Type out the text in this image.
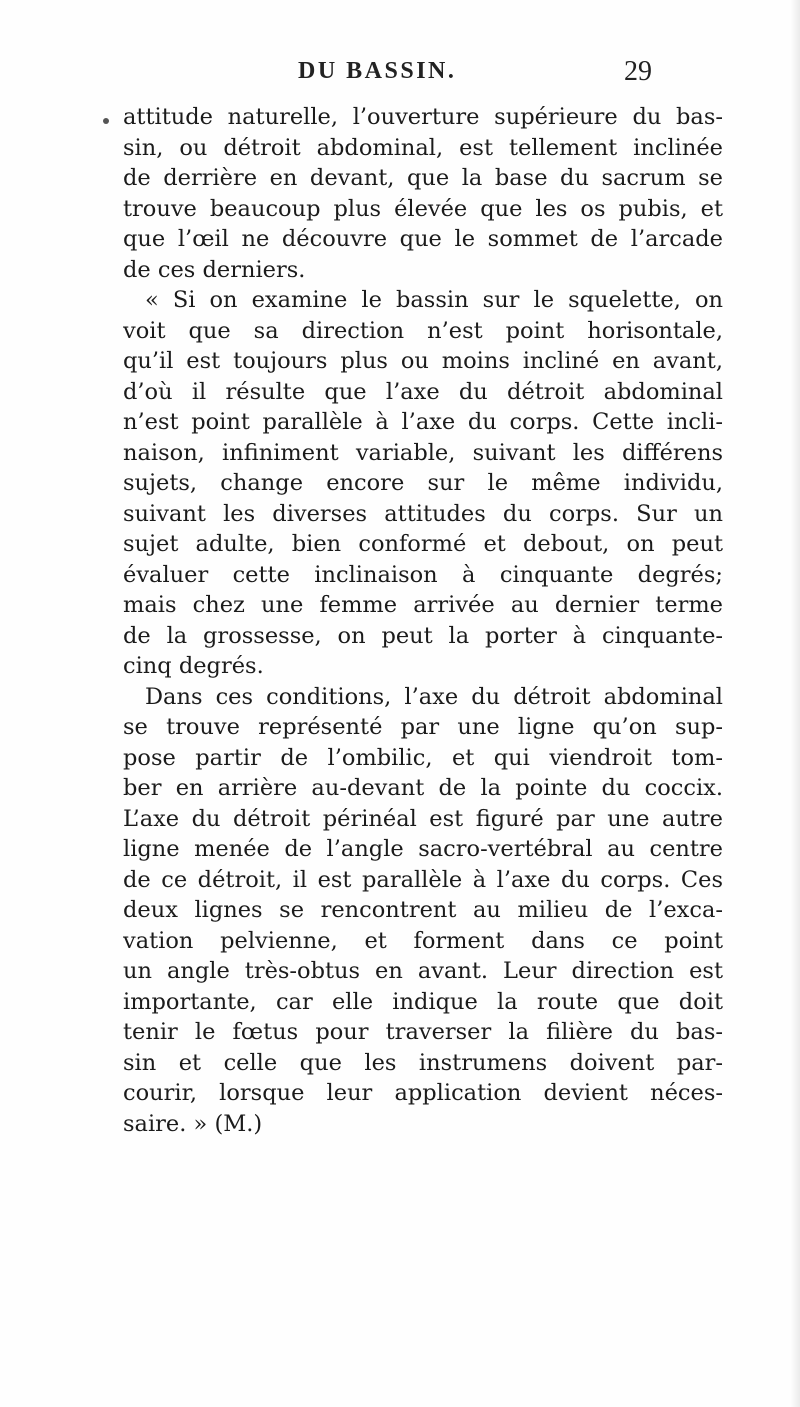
DU BASSIN.	29
attitude naturelle, l’ouverture supérieure du bas-
sin, ou détroit abdominal, est tellement inclinée
de derrière en devant, que la base du sacrum se
trouve beaucoup plus élevée que les os pubis, et
que l’œil ne découvre que le sommet de l’arcade
de ces derniers.
« Si on examine le bassin sur le squelette, on
voit que sa direction n’est point horisontale,
qu’il est toujours plus ou moins incliné en avant,
d’où il résulte que l’axe du détroit abdominal
n’est point parallèle à l’axe du corps. Cette incli-
naison, infiniment variable, suivant les différens
sujets, change encore sur le même individu,
suivant les diverses attitudes du corps. Sur un
sujet adulte, bien conformé et debout, on peut
évaluer cette inclinaison à cinquante degrés;
mais chez une femme arrivée au dernier terme
de la grossesse, on peut la porter à cinquante-
cinq degrés.
Dans ces conditions, l’axe du détroit abdominal
se trouve représenté par une ligne qu’on sup-
pose partir de l’ombilic, et qui viendroit tom-
ber en arrière au-devant de la pointe du coccix.
L’axe du détroit périnéal est figuré par une autre
ligne menée de l’angle sacro-vertébral au centre
de ce détroit, il est parallèle à l’axe du corps. Ces
deux lignes se rencontrent au milieu de l’exca-
vation pelvienne, et forment dans ce point
un angle très-obtus en avant. Leur direction est
importante, car elle indique la route que doit
tenir le fœtus pour traverser la filière du bas-
sin et celle que les instrumens doivent par-
courir, lorsque leur application devient néces-
saire. » (M.)
